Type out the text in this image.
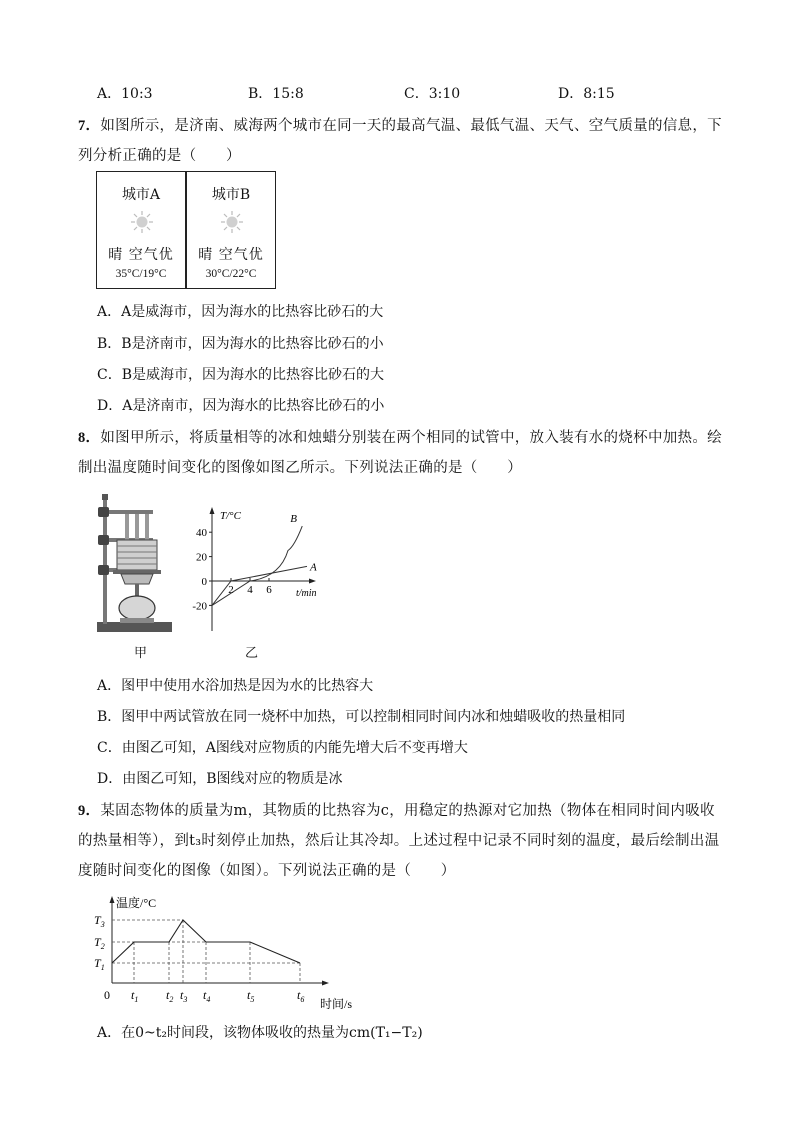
A．10:3	B．15:8	C．3:10	D．8:15
7．如图所示，是济南、威海两个城市在同一天的最高气温、最低气温、天气、空气质量的信息，下
列分析正确的是（　　）
城市A
晴 空气优
35°C/19°C
城市B
晴 空气优
30°C/22°C
A．A是威海市，因为海水的比热容比砂石的大
B．B是济南市，因为海水的比热容比砂石的小
C．B是威海市，因为海水的比热容比砂石的大
D．A是济南市，因为海水的比热容比砂石的小
8．如图甲所示，将质量相等的冰和烛蜡分别装在两个相同的试管中，放入装有水的烧杯中加热。绘
制出温度随时间变化的图像如图乙所示。下列说法正确的是（　　）
甲
T/°C
t/min
40
20
0
-20
2 4 6
A
B
乙
A．图甲中使用水浴加热是因为水的比热容大
B．图甲中两试管放在同一烧杯中加热，可以控制相同时间内冰和烛蜡吸收的热量相同
C．由图乙可知，A图线对应物质的内能先增大后不变再增大
D．由图乙可知，B图线对应的物质是冰
9．某固态物体的质量为m，其物质的比热容为c，用稳定的热源对它加热（物体在相同时间内吸收
的热量相等），到t₃时刻停止加热，然后让其冷却。上述过程中记录不同时刻的温度，最后绘制出温
度随时间变化的图像（如图）。下列说法正确的是（　　）
温度/°C
时间/s
0 $t_1$ $t_2$ $t_3$ $t_4$	$t_5$	$t_6$
$T_1$
$T_2$
$T_3$
A．在0~t₂时间段，该物体吸收的热量为cm(T₁−T₂)
